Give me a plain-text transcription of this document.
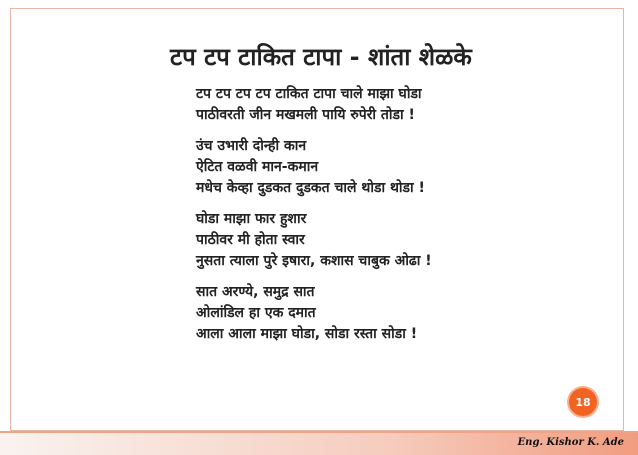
टप टप टाकित टापा - शांता शेळके
टप टप टप टप टाकित टापा चाले माझा घोडा
पाठीवरती जीन मखमली पायि रुपेरी तोडा !
उंच उभारी दोन्ही कान
ऐटित वळवी मान-कमान
मधेच केव्हा दुडकत दुडकत चाले थोडा थोडा !
घोडा माझा फार हुशार
पाठीवर मी होता स्वार
नुसता त्याला पुरे इषारा, कशास चाबुक ओढा !
सात अरण्ये, समुद्र सात
ओलांडिल हा एक दमात
आला आला माझा घोडा, सोडा रस्ता सोडा !
18
Eng. Kishor K. Ade
